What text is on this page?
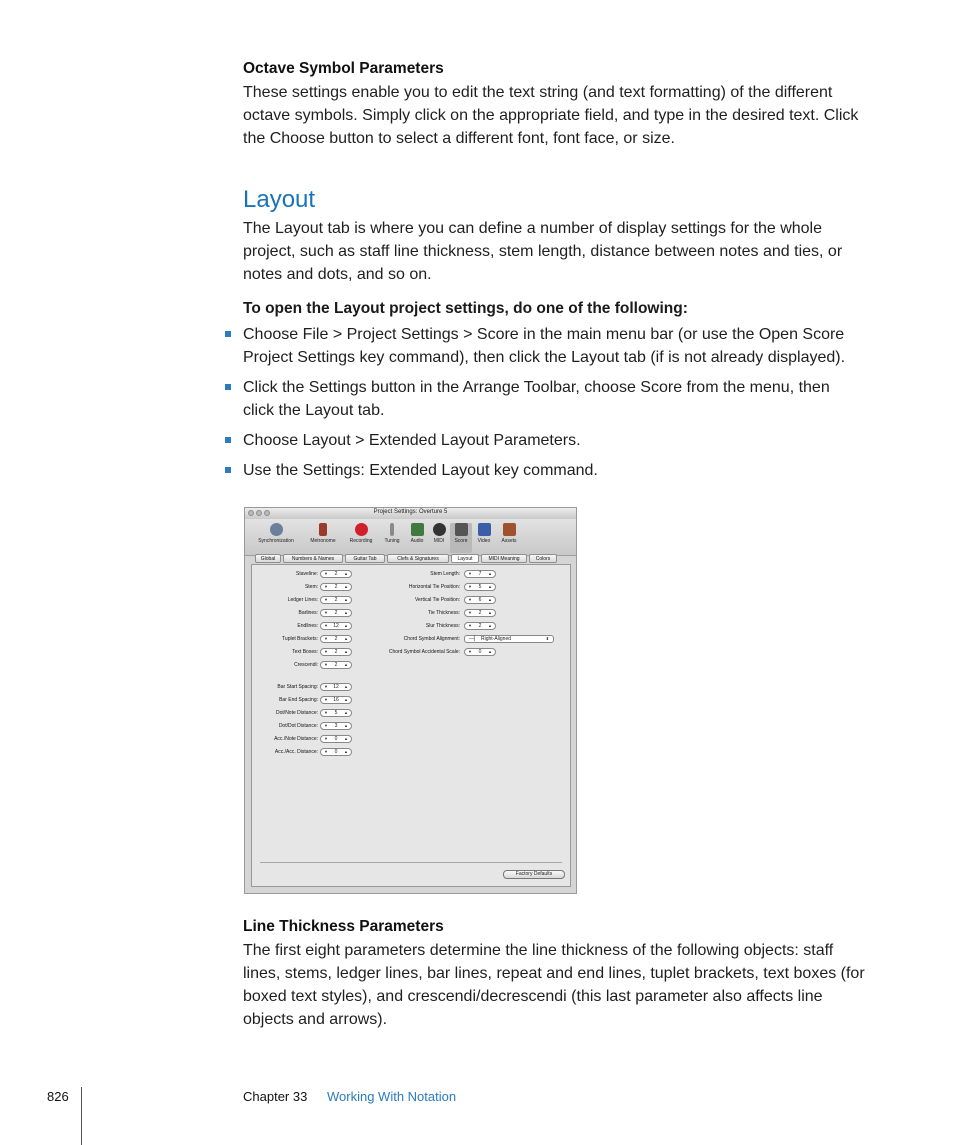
Octave Symbol Parameters
These settings enable you to edit the text string (and text formatting) of the different
octave symbols. Simply click on the appropriate field, and type in the desired text. Click
the Choose button to select a different font, font face, or size.
Layout
The Layout tab is where you can define a number of display settings for the whole
project, such as staff line thickness, stem length, distance between notes and ties, or
notes and dots, and so on.
To open the Layout project settings, do one of the following:
Choose File > Project Settings > Score in the main menu bar (or use the Open Score
Project Settings key command), then click the Layout tab (if is not already displayed).
Click the Settings button in the Arrange Toolbar, choose Score from the menu, then
click the Layout tab.
Choose Layout > Extended Layout Parameters.
Use the Settings: Extended Layout key command.
Project Settings: Overture 5
Synchronization	Metronome	Recording	Tuning	Audio	MIDI	Score	Video	Assets
Global	Numbers & Names	Guitar Tab	Clefs & Signatures	Layout	MIDI Meaning	Colors
Staveline: ▼	2	▲
Stem: ▼	2	▲
Ledger Lines: ▼	2	▲
Barlines: ▼	2	▲
Endlines: ▼	12	▲
Tuplet Brackets: ▼	2	▲
Text Boxes: ▼	2	▲
Crescendi: ▼	2	▲
Bar Start Spacing: ▼	12	▲
Bar End Spacing: ▼	16	▲
Dot/Note Distance: ▼	5	▲
Dot/Dot Distance: ▼	3	▲
Acc./Note Distance: ▼	0	▲
Acc./Acc. Distance: ▼	0	▲
Stem Length: ▼	7	▲
Horizontal Tie Position: ▼	5	▲
Vertical Tie Position: ▼	6	▲
Tie Thickness: ▼	2	▲
Slur Thickness: ▼	2	▲
Chord Symbol Alignment: —▏ Right-Aligned	⬍
Chord Symbol Accidental Scale: ▼	0	▲
Factory Defaults
Line Thickness Parameters
The first eight parameters determine the line thickness of the following objects: staff
lines, stems, ledger lines, bar lines, repeat and end lines, tuplet brackets, text boxes (for
boxed text styles), and crescendi/decrescendi (this last parameter also affects line
objects and arrows).
826	Chapter 33 Working With Notation
